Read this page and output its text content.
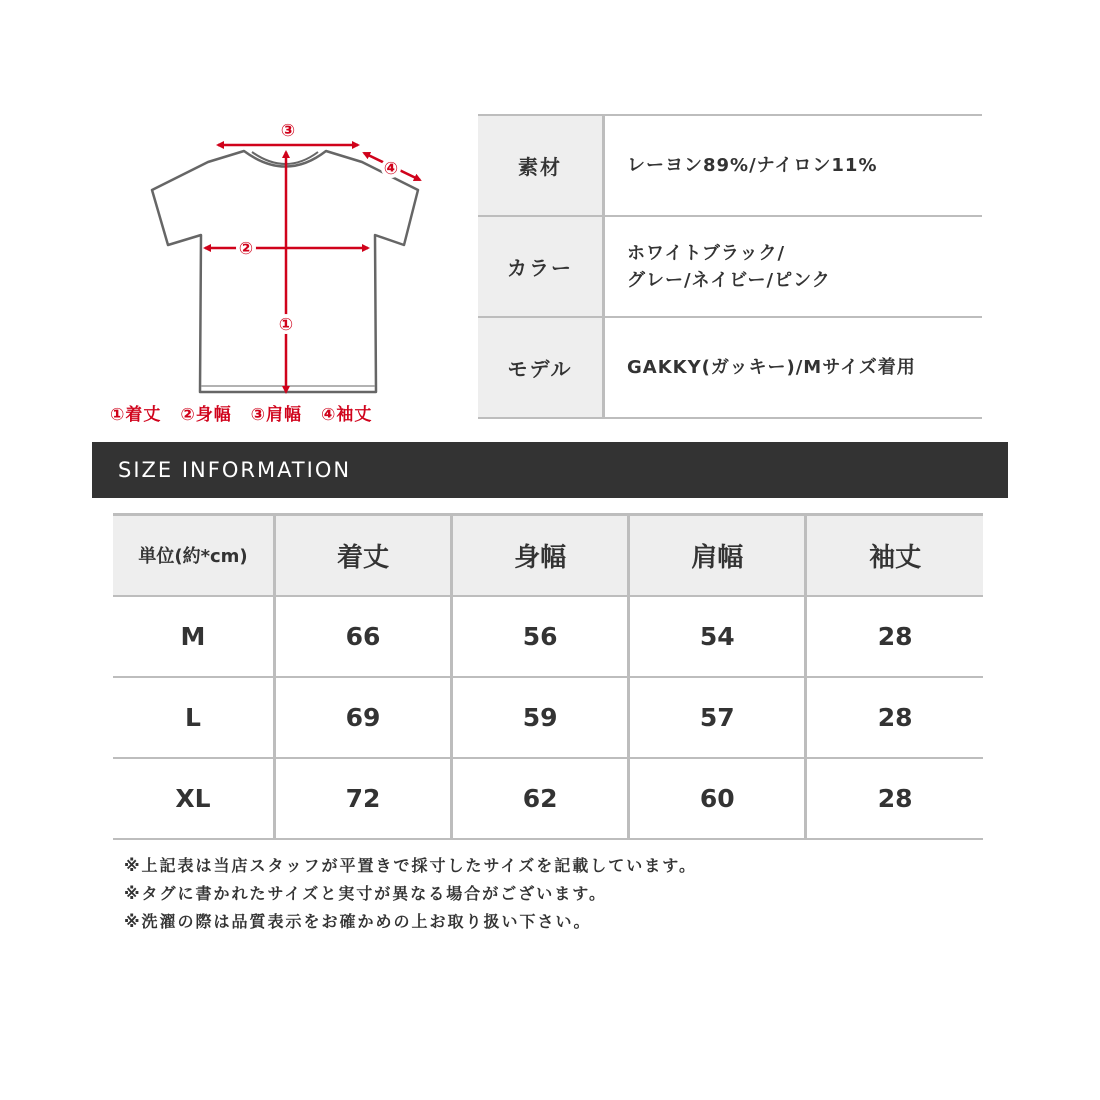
③
④
②
①
①着丈 ②身幅 ③肩幅 ④袖丈
素材	レーヨン89%/ナイロン11%

カラー	ホワイトブラック/
グレー/ネイビー/ピンク

モデル	GAKKY(ガッキー)/Mサイズ着用
SIZE INFORMATION
単位(約*cm)	着丈	身幅	肩幅	袖丈
M	66	56	54	28
L	69	59	57	28
XL	72	62	60	28
※上記表は当店スタッフが平置きで採寸したサイズを記載しています。
※タグに書かれたサイズと実寸が異なる場合がございます。
※洗濯の際は品質表示をお確かめの上お取り扱い下さい。
